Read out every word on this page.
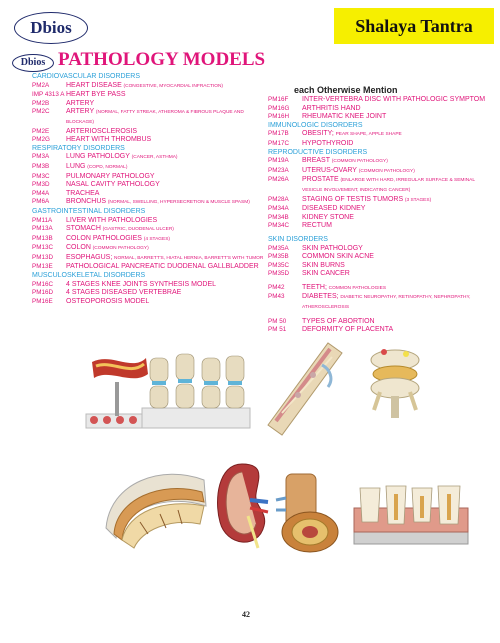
Dbios	Shalaya Tantra
Dbios PATHOLOGY MODELS
each Otherwise Mention
CARDIOVASCULAR DISORDERS
PM2A	HEART DISEASE (CONGESTIVE, MYOCARDIAL INFRACTION)
IMP 4313 A HEART BYE PASS
PM2B	ARTERY
PM2C	ARTERY (NORMAL, FATTY STREAK, ATHEROMA & FIBROUS PLAQUE AND BLOCKAGE)
PM2E	ARTERIOSCLEROSIS
PM2G	HEART WITH THROMBUS
RESPIRATORY DISORDERS
PM3A	LUNG PATHOLOGY (CANCER, ASTHMA)
PM3B	LUNG (COPD, NORMAL)
PM3C	PULMONARY PATHOLOGY
PM3D	NASAL CAVITY PATHOLOGY
PM4A	TRACHEA
PM6A	BRONCHUS (NORMAL, SWELLING, HYPERSECRETION & MUSCLE SPASM)
GASTROINTESTINAL DISORDERS
PM11A	LIVER WITH PATHOLOGIES
PM13A	STOMACH (GASTRIC, DUODENAL ULCER)
PM13B	COLON PATHOLOGIES (4 STAGES)
PM13C	COLON (COMMON PATHOLOGY)
PM13D	ESOPHAGUS; NORMAL, BARRETT'S, HIATAL HERNIA, BARRETT'S WITH TUMOR
PM13E	PATHOLOGICAL PANCREATIC DUODENAL GALLBLADDER
MUSCULOSKELETAL DISORDERS
PM16C	4 STAGES KNEE JOINTS SYNTHESIS MODEL
PM16D	4 STAGES DISEASED VERTEBRAE
PM16E	OSTEOPOROSIS MODEL
PM16F	INTER-VERTEBRA DISC WITH PATHOLOGIC SYMPTOM
PM16G	ARTHRITIS HAND
PM16H	RHEUMATIC KNEE JOINT
IMMUNOLOGIC DISORDERS
PM17B	OBESITY; PEAR SHAPE, APPLE SHAPE
PM17C	HYPOTHYROID
REPRODUCTIVE DISORDERS
PM19A	BREAST (COMMON PATHOLOGY)
PM23A	UTERUS-OVARY (COMMON PATHOLOGY)
PM26A	PROSTATE (ENLARGE WITH HARD, IRREGULAR SURFACE & SEMINAL VESICLE INVOLVEMENT, INDICATING CANCER)
PM28A	STAGING OF TESTIS TUMORS (3 STAGES)
PM34A	DISEASED KIDNEY
PM34B	KIDNEY STONE
PM34C	RECTUM
SKIN DISORDERS
PM35A	SKIN PATHOLOGY
PM35B	COMMON SKIN ACNE
PM35C	SKIN BURNS
PM35D	SKIN CANCER
PM42	TEETH; COMMON PATHOLOGIES
PM43	DIABETES; DIABETIC NEUROPATHY, RETINOPATHY, NEPHROPATHY, ATHEROSCLEROSIS
PM 50	TYPES OF ABORTION
PM 51	DEFORMITY OF PLACENTA
42
